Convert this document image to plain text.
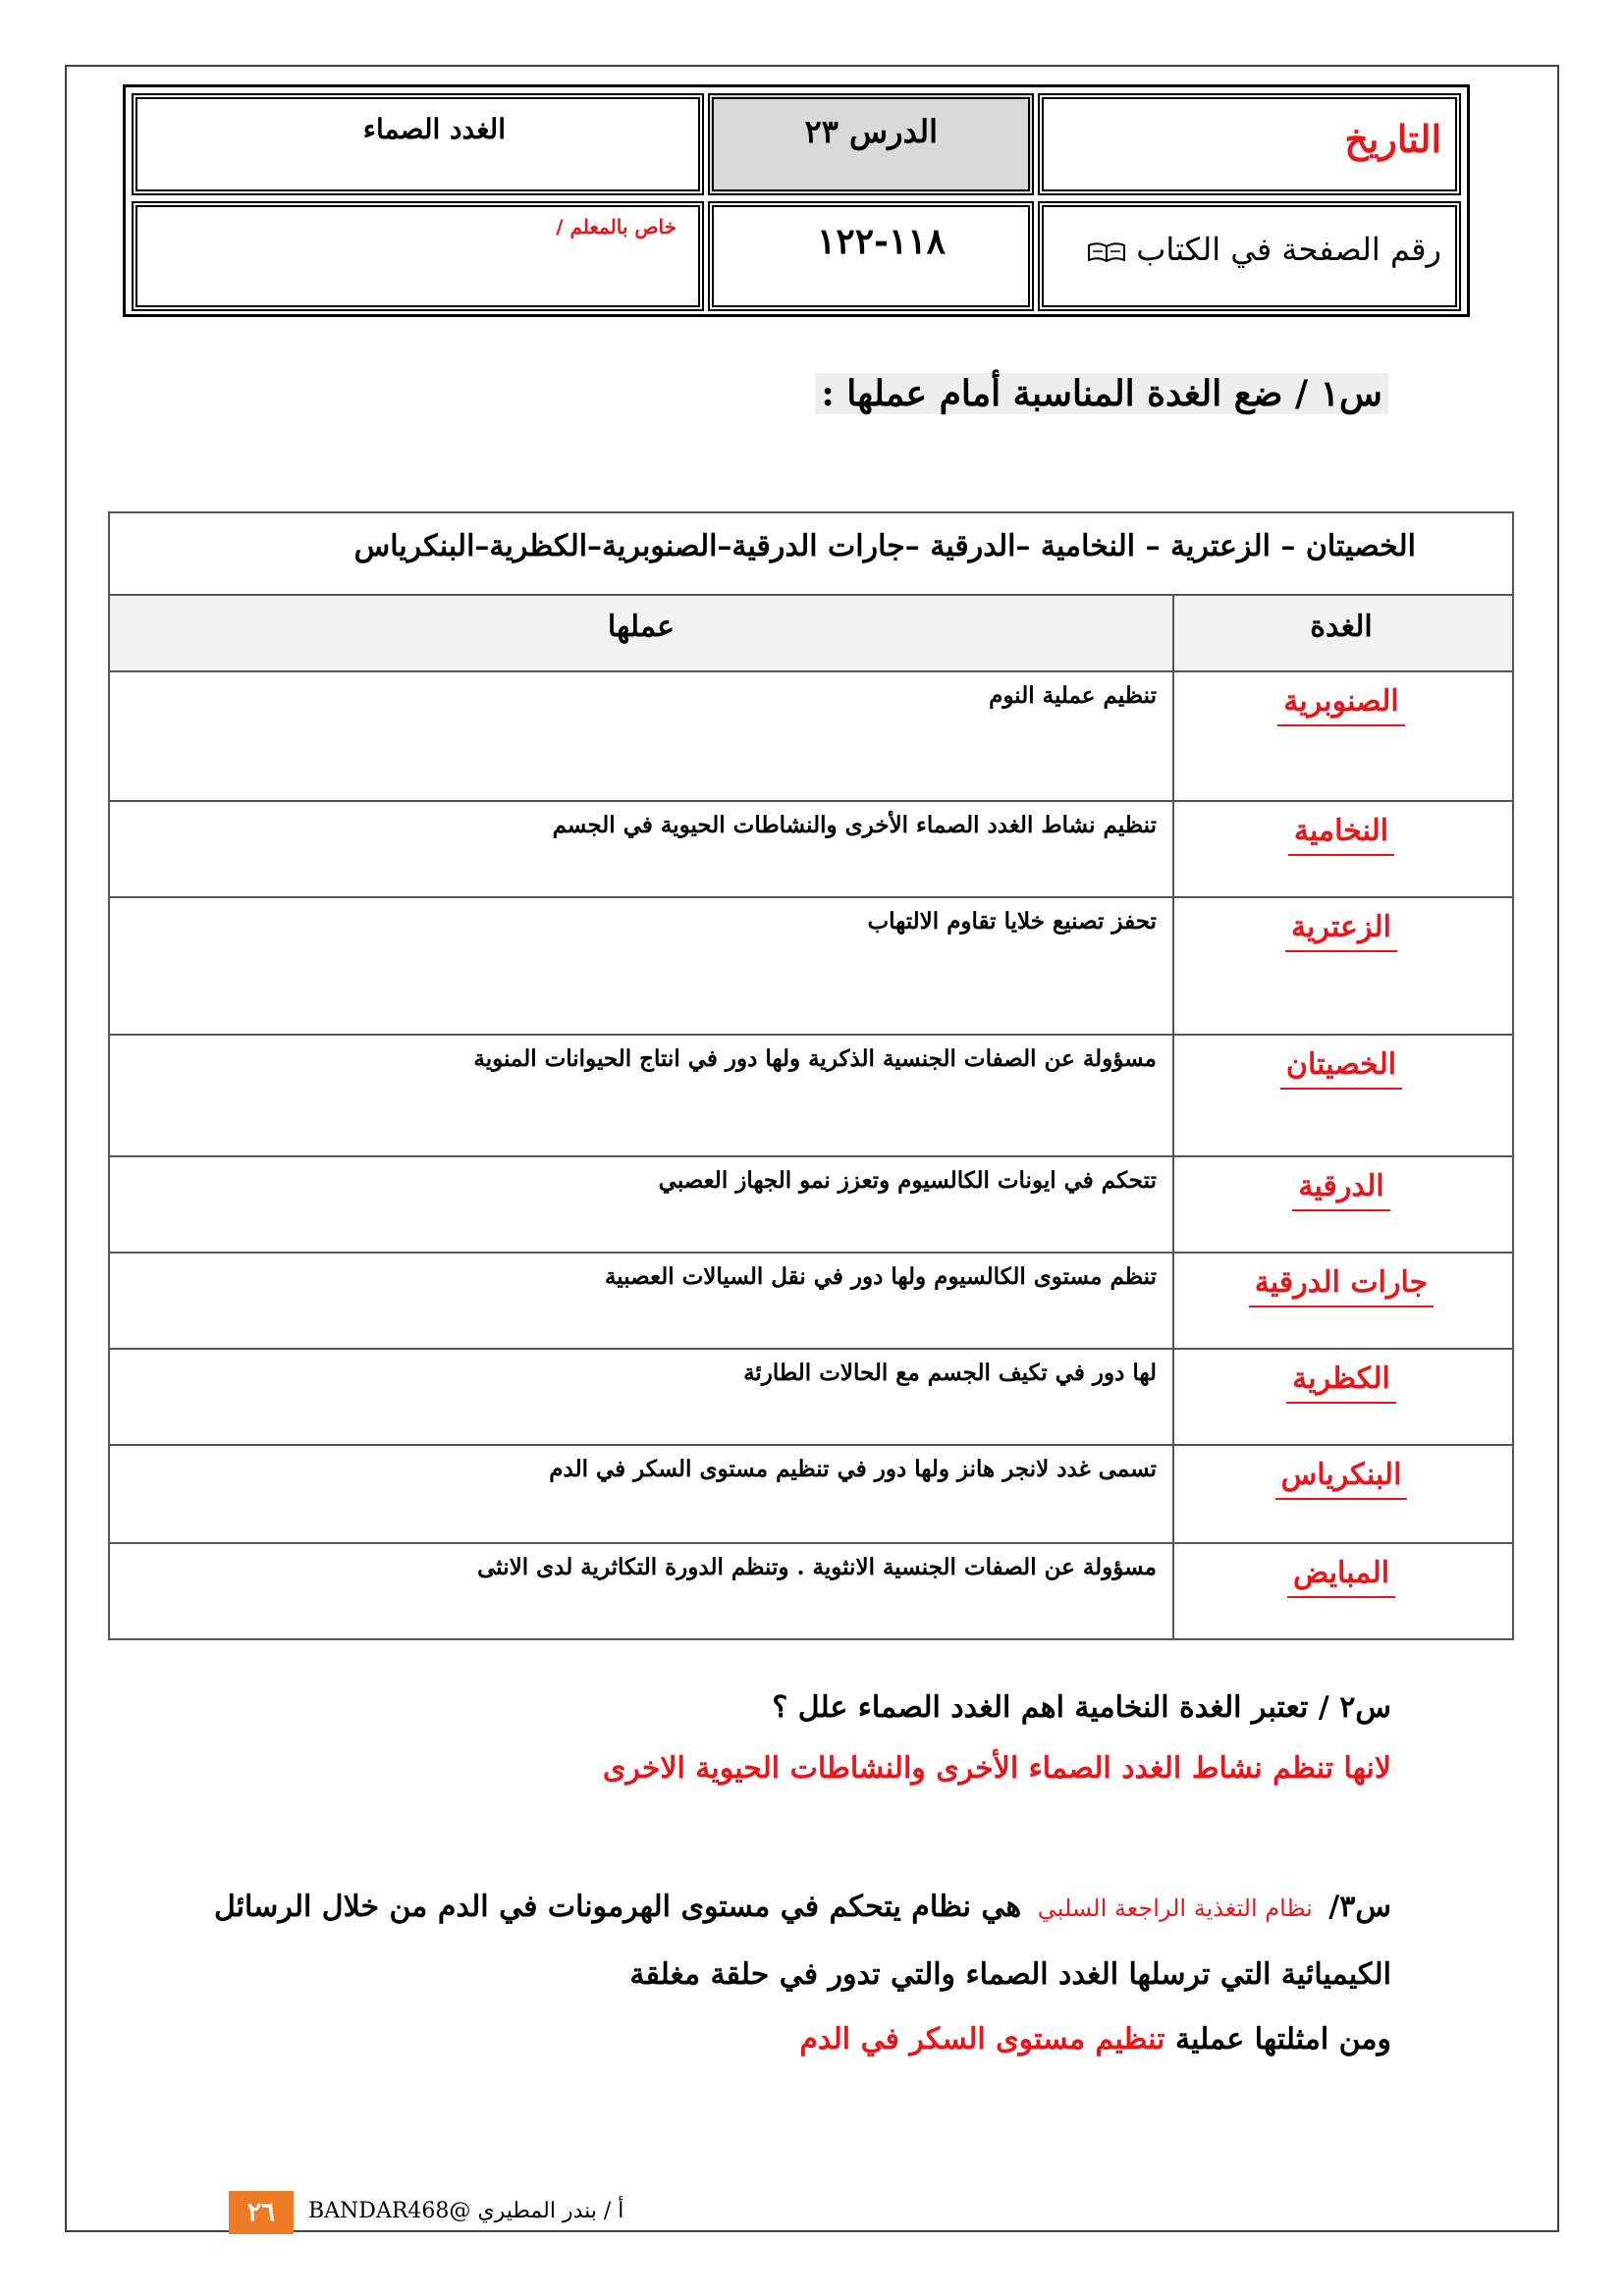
التاريخ
الدرس ٢٣
الغدد الصماء
رقم الصفحة في الكتاب
١١٨-١٢٢
خاص بالمعلم /
س١ / ضع الغدة المناسبة أمام عملها :
الخصيتان – الزعترية – النخامية –الدرقية –جارات الدرقية–الصنوبرية–الكظرية–البنكرياس
الغدة
عملها
الصنوبرية
تنظيم عملية النوم
النخامية
تنظيم نشاط الغدد الصماء الأخرى والنشاطات الحيوية في الجسم
الزعترية
تحفز تصنيع خلايا تقاوم الالتهاب
الخصيتان
مسؤولة عن الصفات الجنسية الذكرية ولها دور في انتاج الحيوانات المنوية
الدرقية
تتحكم في ايونات الكالسيوم وتعزز نمو الجهاز العصبي
جارات الدرقية
تنظم مستوى الكالسيوم ولها دور في نقل السيالات العصبية
الكظرية
لها دور في تكيف الجسم مع الحالات الطارئة
البنكرياس
تسمى غدد لانجر هانز ولها دور في تنظيم مستوى السكر في الدم
المبايض
مسؤولة عن الصفات الجنسية الانثوية . وتنظم الدورة التكاثرية لدى الانثى
س٢ / تعتبر الغدة النخامية اهم الغدد الصماء علل ؟
لانها تنظم نشاط الغدد الصماء الأخرى والنشاطات الحيوية الاخرى
س٣/ نظام التغذية الراجعة السلبي هي نظام يتحكم في مستوى الهرمونات في الدم من خلال الرسائل
الكيميائية التي ترسلها الغدد الصماء والتي تدور في حلقة مغلقة
ومن امثلتها عملية تنظيم مستوى السكر في الدم
٢٦	أ / بندر المطيري @BANDAR468
